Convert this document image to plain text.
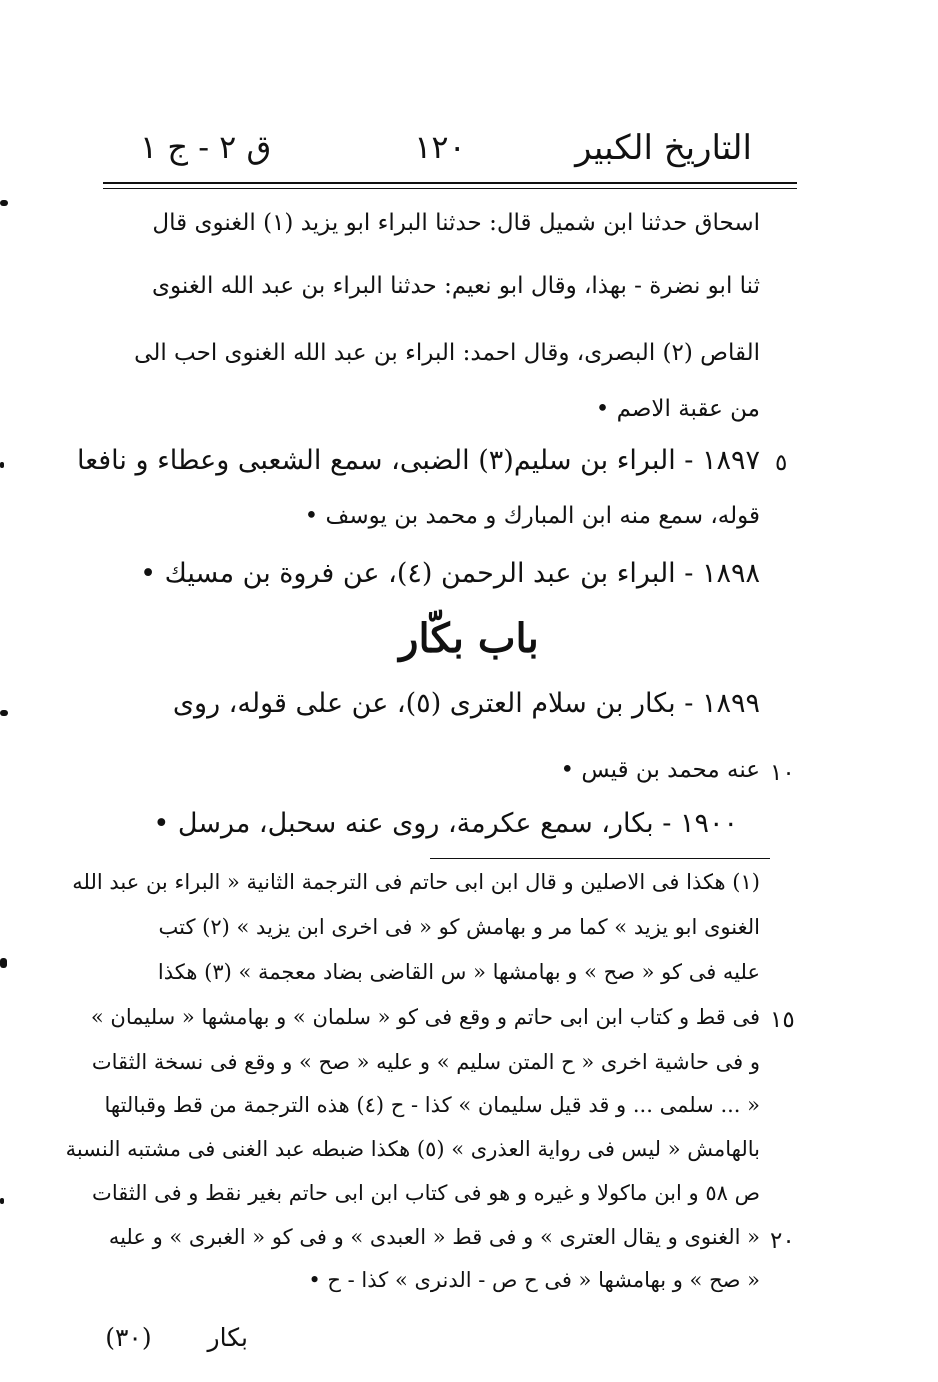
التاريخ الكبير
١٢٠
ق ٢ - ج ١
اسحاق حدثنا ابن شميل قال: حدثنا البراء ابو يزيد (١) الغنوى قال
ثنا ابو نضرة - بهذا، وقال ابو نعيم: حدثنا البراء بن عبد الله الغنوى
القاص (٢) البصرى، وقال احمد: البراء بن عبد الله الغنوى احب الى
من عقبة الاصم •
١٨٩٧ - البراء بن سليم(٣) الضبى، سمع الشعبى وعطاء و نافعا
قوله، سمع منه ابن المبارك و محمد بن يوسف •
١٨٩٨ - البراء بن عبد الرحمن (٤)، عن فروة بن مسيك •
باب بكّار
١٨٩٩ - بكار بن سلام العترى (٥)، عن على قوله، روى
عنه محمد بن قيس •
١٩٠٠ - بكار، سمع عكرمة، روى عنه سحبل، مرسل •
(١) هكذا فى الاصلين و قال ابن ابى حاتم فى الترجمة الثانية « البراء بن عبد الله
الغنوى ابو يزيد » كما مر و بهامش كو « فى اخرى ابن يزيد » (٢) كتب
عليه فى كو « صح » و بهامشها « س القاضى بضاد معجمة » (٣) هكذا
فى قط و كتاب ابن ابى حاتم و وقع فى كو « سلمان » و بهامشها « سليمان »
و فى حاشية اخرى « ح المتن سليم » و عليه « صح » و وقع فى نسخة الثقات
« ... سلمى ... و قد قيل سليمان » كذا - ح (٤) هذه الترجمة من قط وقبالتها
بالهامش « ليس فى رواية العذرى » (٥) هكذا ضبطه عبد الغنى فى مشتبه النسبة
ص ٥٨ و ابن ماكولا و غيره و هو فى كتاب ابن ابى حاتم بغير نقط و فى الثقات
« الغنوى و يقال العترى » و فى قط « العبدى » و فى كو « الغبرى » و عليه
« صح » و بهامشها « فى ح ص - الدنرى » كذا - ح •
٥
١٠
١٥
٢٠
بكار  (٣٠)
